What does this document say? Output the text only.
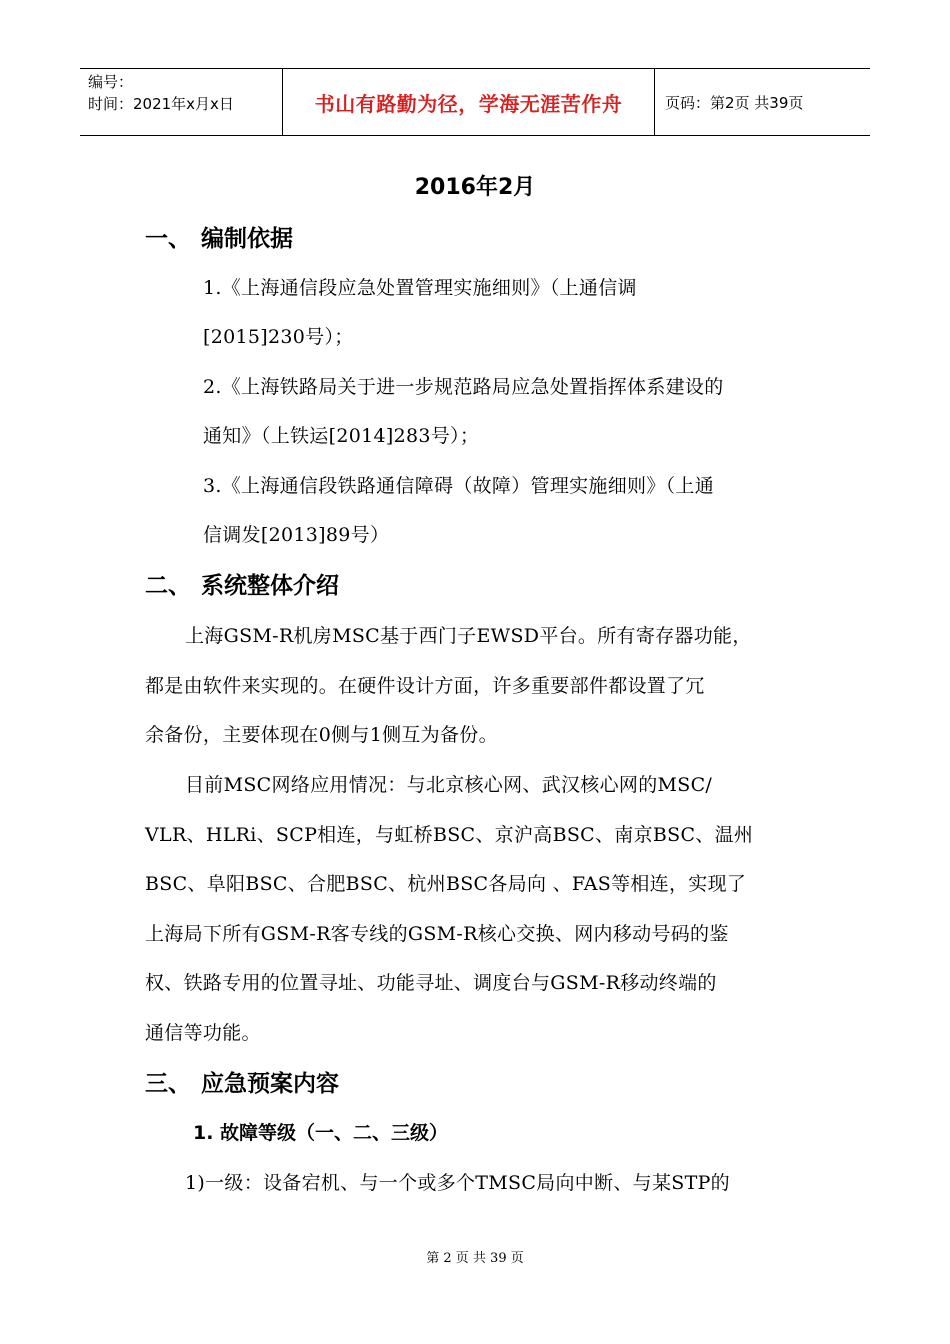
编号：
时间：2021年x月x日	书山有路勤为径，学海无涯苦作舟	页码：第2页 共39页
2016年2月
一、 编制依据
1.《上海通信段应急处置管理实施细则》（上通信调
[2015]230号）；
2.《上海铁路局关于进一步规范路局应急处置指挥体系建设的
通知》（上铁运[2014]283号）；
3.《上海通信段铁路通信障碍（故障）管理实施细则》（上通
信调发[2013]89号）
二、 系统整体介绍
上海GSM-R机房MSC基于西门子EWSD平台。所有寄存器功能，
都是由软件来实现的。在硬件设计方面，许多重要部件都设置了冗
余备份，主要体现在0侧与1侧互为备份。
目前MSC网络应用情况：与北京核心网、武汉核心网的MSC/
VLR、HLRi、SCP相连，与虹桥BSC、京沪高BSC、南京BSC、温州
BSC、阜阳BSC、合肥BSC、杭州BSC各局向 、FAS等相连，实现了
上海局下所有GSM-R客专线的GSM-R核心交换、网内移动号码的鉴
权、铁路专用的位置寻址、功能寻址、调度台与GSM-R移动终端的
通信等功能。
三、 应急预案内容
1. 故障等级（一、二、三级）
1)一级：设备宕机、与一个或多个TMSC局向中断、与某STP的
第 2 页 共 39 页
